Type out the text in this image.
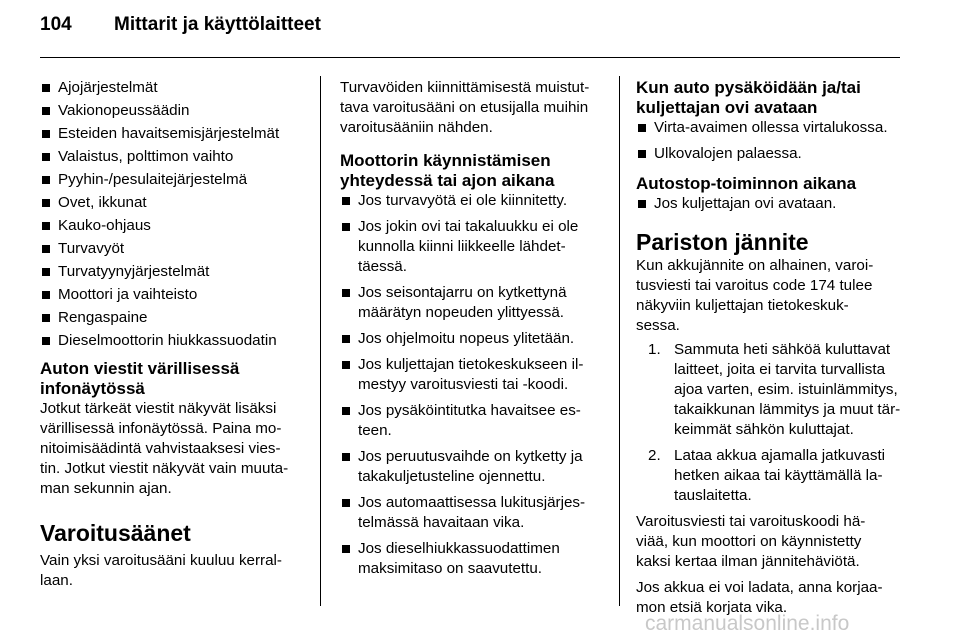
104 Mittarit ja käyttölaitteet
Ajojärjestelmät
Vakionopeussäädin
Esteiden havaitsemisjärjestelmät
Valaistus, polttimon vaihto
Pyyhin-/pesulaitejärjestelmä
Ovet, ikkunat
Kauko-ohjaus
Turvavyöt
Turvatyynyjärjestelmät
Moottori ja vaihteisto
Rengaspaine
Dieselmoottorin hiukkassuodatin
Auton viestit värillisessä
infonäytössä

Jotkut tärkeät viestit näkyvät lisäksi
värillisessä infonäytössä. Paina mo-
nitoimisäädintä vahvistaaksesi vies-
tin. Jotkut viestit näkyvät vain muuta-
man sekunnin ajan.

Varoitusäänet

Vain yksi varoitusääni kuuluu kerral-
laan.

Turvavöiden kiinnittämisestä muistut-
tava varoitusääni on etusijalla muihin
varoitusääniin nähden.

Moottorin käynnistämisen
yhteydessä tai ajon aikana
Jos turvavyötä ei ole kiinnitetty.
Jos jokin ovi tai takaluukku ei ole
kunnolla kiinni liikkeelle lähdet-
täessä.
Jos seisontajarru on kytkettynä
määrätyn nopeuden ylittyessä.
Jos ohjelmoitu nopeus ylitetään.
Jos kuljettajan tietokeskukseen il-
mestyy varoitusviesti tai -koodi.
Jos pysäköintitutka havaitsee es-
teen.
Jos peruutusvaihde on kytketty ja
takakuljetusteline ojennettu.
Jos automaattisessa lukitusjärjes-
telmässä havaitaan vika.
Jos dieselhiukkassuodattimen
maksimitaso on saavutettu.
Kun auto pysäköidään ja/tai
kuljettajan ovi avataan
Virta-avaimen ollessa virtalukossa.
Ulkovalojen palaessa.
Autostop-toiminnon aikana
Jos kuljettajan ovi avataan.
Pariston jännite

Kun akkujännite on alhainen, varoi-
tusviesti tai varoitus code 174 tulee
näkyviin kuljettajan tietokeskuk-
sessa.

1. Sammuta heti sähköä kuluttavat
laitteet, joita ei tarvita turvallista
ajoa varten, esim. istuinlämmitys,
takaikkunan lämmitys ja muut tär-
keimmät sähkön kuluttajat.
2. Lataa akkua ajamalla jatkuvasti
hetken aikaa tai käyttämällä la-
tauslaitetta.

Varoitusviesti tai varoituskoodi hä-
viää, kun moottori on käynnistetty
kaksi kertaa ilman jännitehäviötä.

Jos akkua ei voi ladata, anna korjaa-
mon etsiä korjata vika.

carmanualsonline.info
